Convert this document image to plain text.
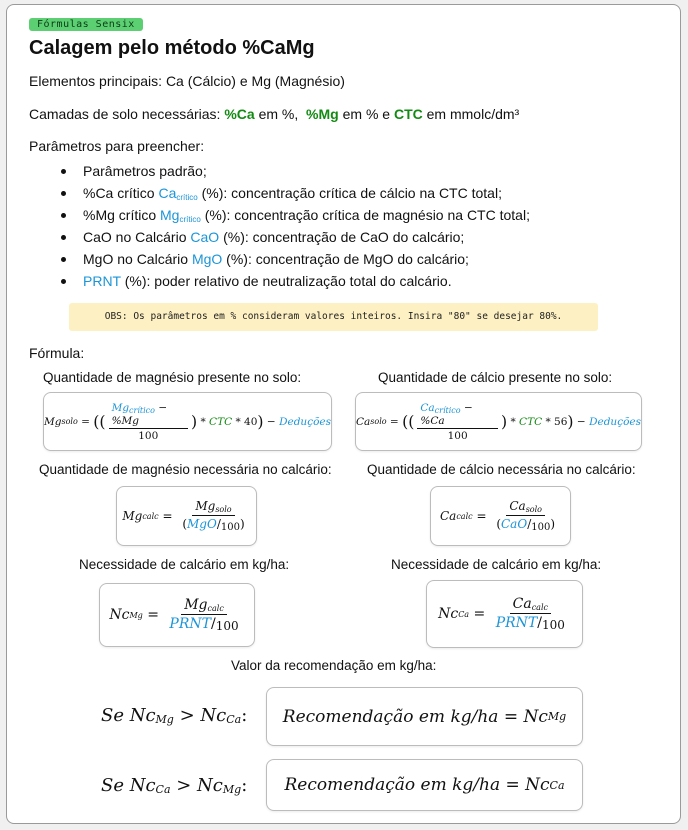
Fórmulas Sensix
Calagem pelo método %CaMg
Elementos principais: Ca (Cálcio) e Mg (Magnésio)
Camadas de solo necessárias: %Ca em %, %Mg em % e CTC em mmolc/dm³
Parâmetros para preencher:
Parâmetros padrão;
%Ca crítico $Ca_{crítico}$ (%): concentração crítica de cálcio na CTC total;
%Mg crítico $Mg_{crítico}$ (%): concentração crítica de magnésio na CTC total;
CaO no Calcário CaO (%): concentração de CaO do calcário;
MgO no Calcário MgO (%): concentração de MgO do calcário;
PRNT (%): poder relativo de neutralização total do calcário.
OBS: Os parâmetros em % consideram valores inteiros. Insira "80" se desejar 80%.
Fórmula:
Quantidade de magnésio presente no solo:	Quantidade de cálcio presente no solo:
Mg solo = (( $\frac{Mg_{crítico} - \%Mg}{100}$ )
*
CTC
*
40 )
−
Deduções Ca solo = (( $\frac{Ca_{crítico} - \%Ca}{100}$ )
*
CTC
*
56 )
−
Deduções
Quantidade de magnésio necessária no calcário:	Quantidade de cálcio necessária no calcário:
Mg calc = $\frac{Mg_{solo}}{(MgO/_{100})}$	Ca calc = $\frac{Ca_{solo}}{(CaO/_{100})}$
Necessidade de calcário em kg/ha:	Necessidade de calcário em kg/ha:
Nc $Mg = \frac{Mg_{calc}}{PRNT/_{100}}$	Nc $Ca = \frac{Ca_{calc}}{PRNT/_{100}}$
Valor da recomendação em kg/ha:
Se $Nc_{Mg} > Nc_{Ca}$: Recomendação em kg/ha = Nc Mg
Se $Nc_{Ca} > Nc_{Mg}$: Recomendação em kg/ha = Nc Ca
